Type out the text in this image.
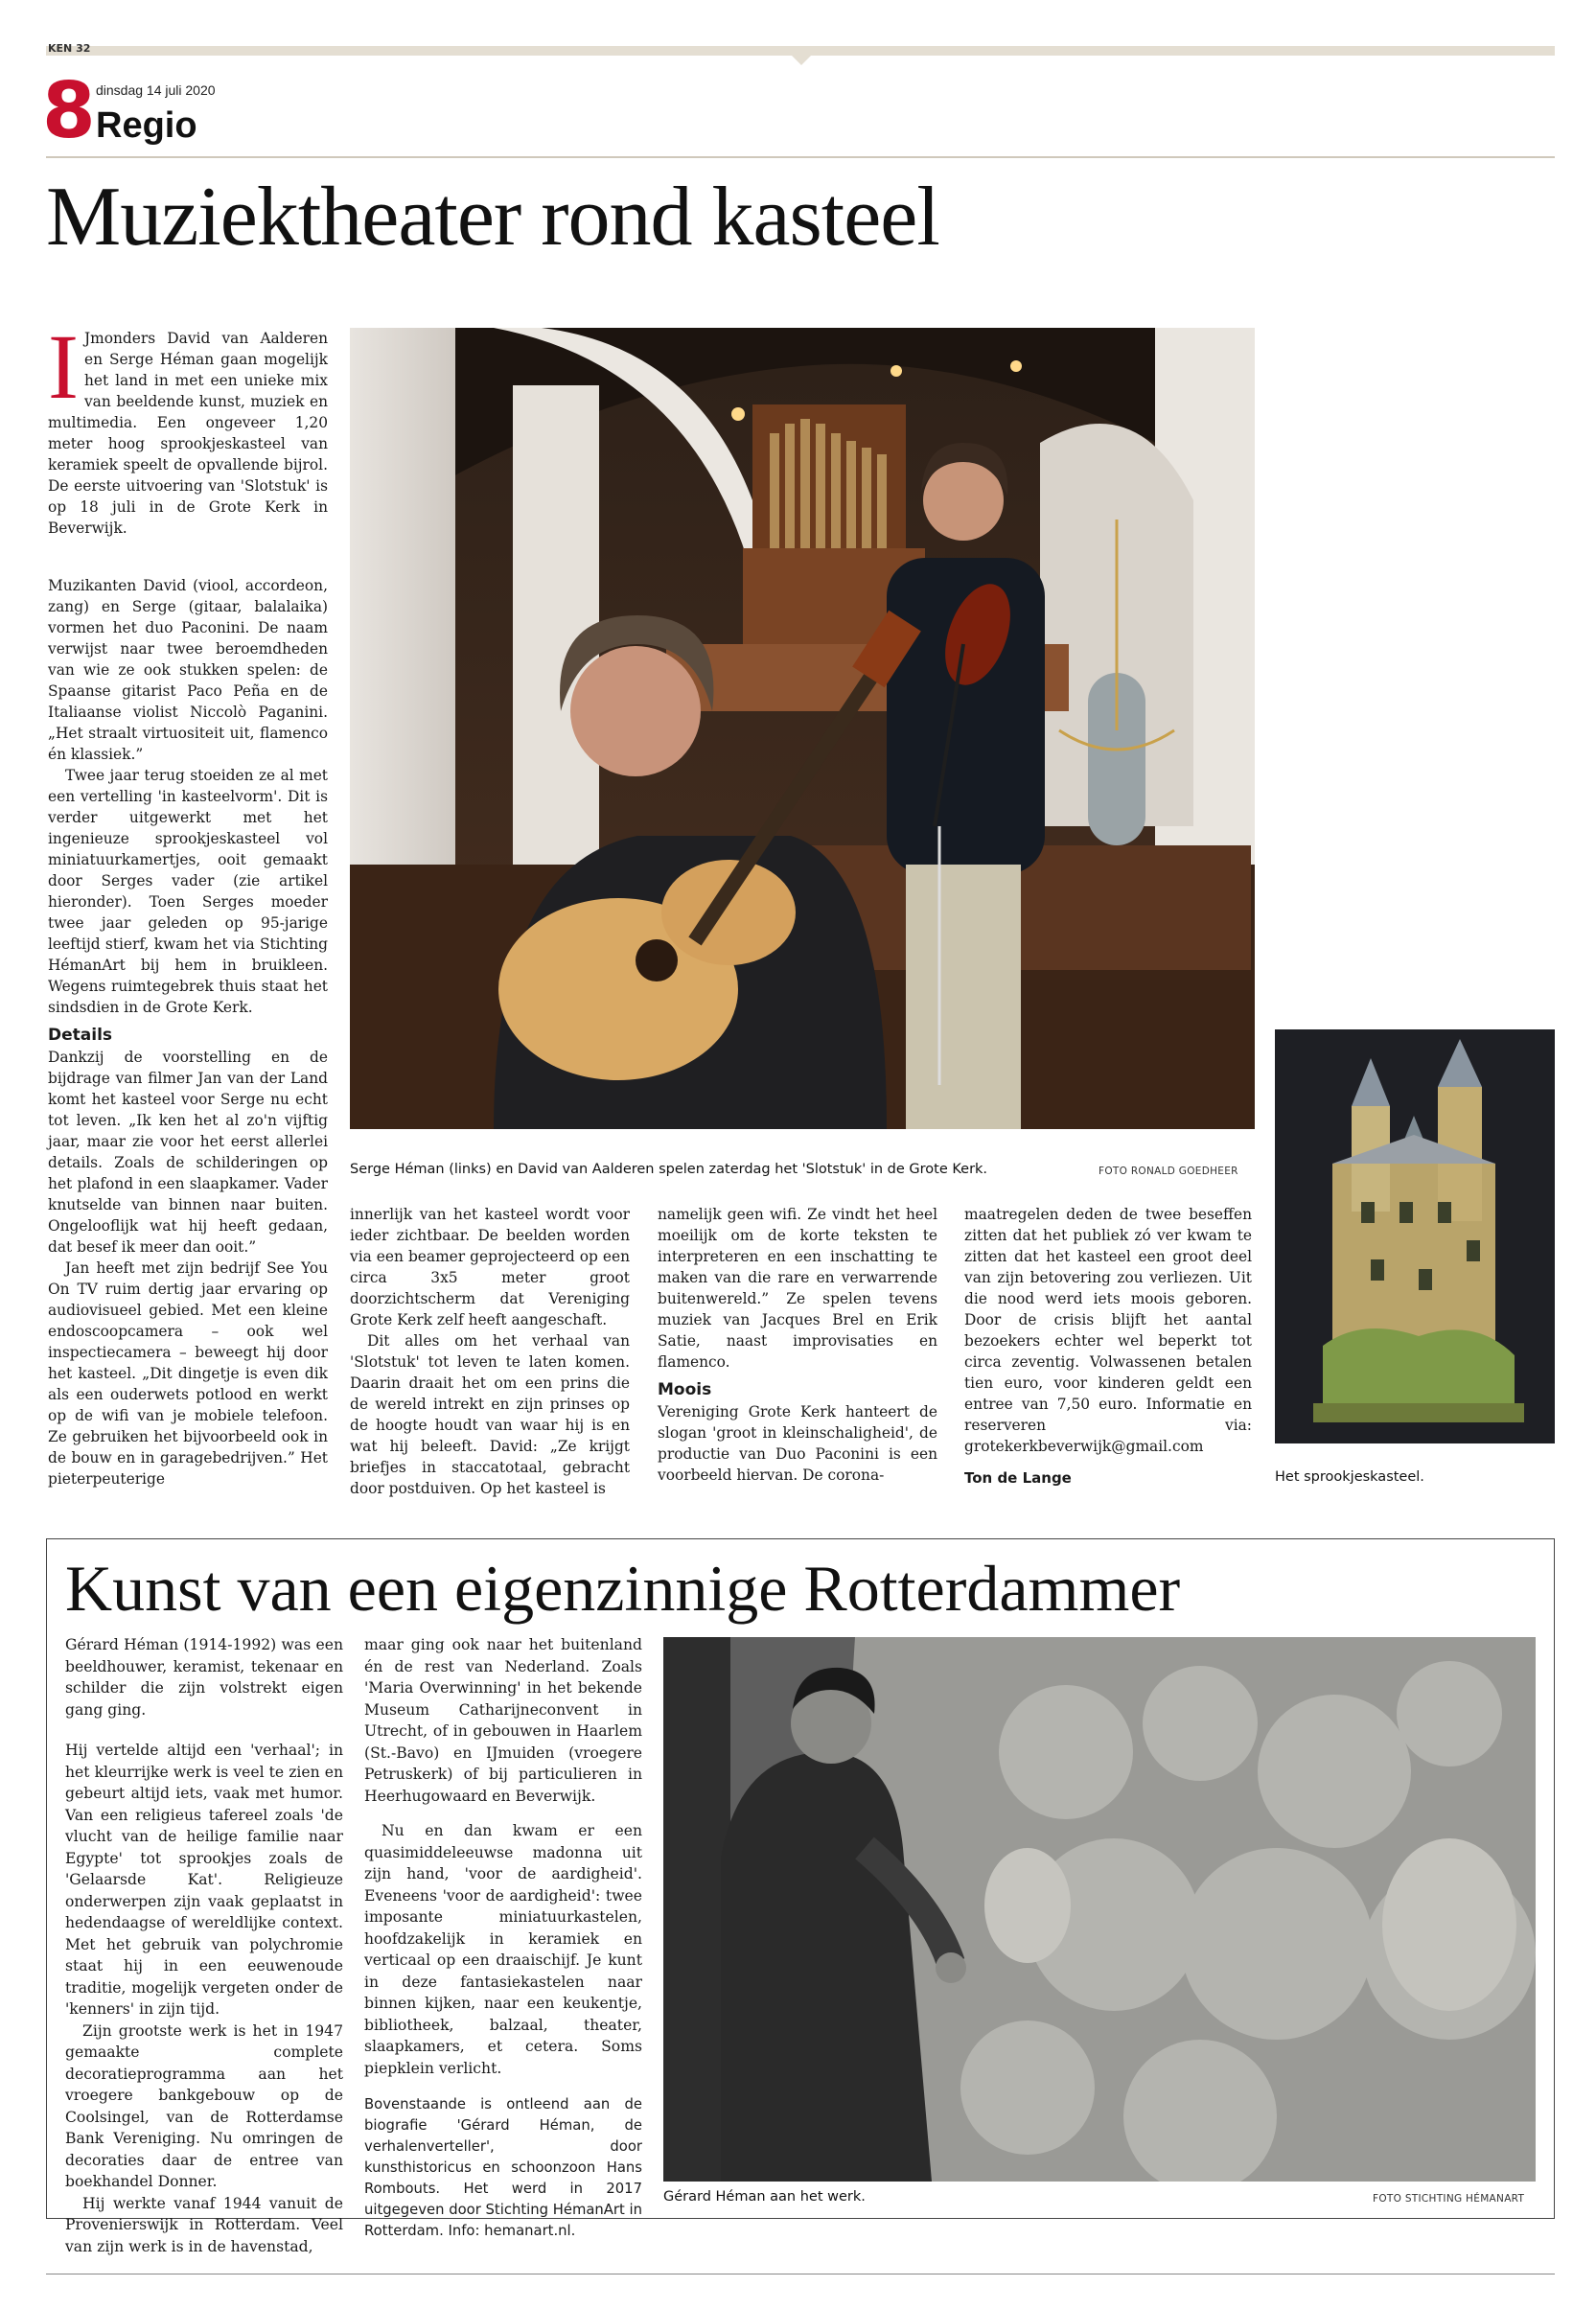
KEN 32
8 dinsdag 14 juli 2020
Regio
Muziektheater rond kasteel
I Jmonders David van Aalderen en Serge Héman gaan mogelijk het land in met een unieke mix van beeldende kunst, muziek en multimedia. Een ongeveer 1,20 meter hoog sprookjeskasteel van keramiek speelt de opvallende bijrol. De eerste uitvoering van 'Slotstuk' is op 18 juli in de Grote Kerk in Beverwijk.

Muzikanten David (viool, accordeon, zang) en Serge (gitaar, balalaika) vormen het duo Paconini. De naam verwijst naar twee beroemdheden van wie ze ook stukken spelen: de Spaanse gitarist Paco Peña en de Italiaanse violist Niccolò Paganini. „Het straalt virtuositeit uit, flamenco én klassiek.”

Twee jaar terug stoeiden ze al met een vertelling 'in kasteelvorm'. Dit is verder uitgewerkt met het ingenieuze sprookjeskasteel vol miniatuurkamertjes, ooit gemaakt door Serges vader (zie artikel hieronder). Toen Serges moeder twee jaar geleden op 95-jarige leeftijd stierf, kwam het via Stichting HémanArt bij hem in bruikleen. Wegens ruimtegebrek thuis staat het sindsdien in de Grote Kerk.

Details

Dankzij de voorstelling en de bijdrage van filmer Jan van der Land komt het kasteel voor Serge nu echt tot leven. „Ik ken het al zo'n vijftig jaar, maar zie voor het eerst allerlei details. Zoals de schilderingen op het plafond in een slaapkamer. Vader knutselde van binnen naar buiten. Ongelooflijk wat hij heeft gedaan, dat besef ik meer dan ooit.”

Jan heeft met zijn bedrijf See You On TV ruim dertig jaar ervaring op audiovisueel gebied. Met een kleine endoscoopcamera – ook wel inspectiecamera – beweegt hij door het kasteel. „Dit dingetje is even dik als een ouderwets potlood en werkt op de wifi van je mobiele telefoon. Ze gebruiken het bijvoorbeeld ook in de bouw en in garagebedrijven.” Het pieterpeuterige

Serge Héman (links) en David van Aalderen spelen zaterdag het 'Slotstuk' in de Grote Kerk.	FOTO RONALD GOEDHEER

innerlijk van het kasteel wordt voor ieder zichtbaar. De beelden worden via een beamer geprojecteerd op een circa 3x5 meter groot doorzichtscherm dat Vereniging Grote Kerk zelf heeft aangeschaft.

Dit alles om het verhaal van 'Slotstuk' tot leven te laten komen. Daarin draait het om een prins die de wereld intrekt en zijn prinses op de hoogte houdt van waar hij is en wat hij beleeft. David: „Ze krijgt briefjes in staccatotaal, gebracht door postduiven. Op het kasteel is

namelijk geen wifi. Ze vindt het heel moeilijk om de korte teksten te interpreteren en een inschatting te maken van die rare en verwarrende buitenwereld.” Ze spelen tevens muziek van Jacques Brel en Erik Satie, naast improvisaties en flamenco.

Moois

Vereniging Grote Kerk hanteert de slogan 'groot in kleinschaligheid', de productie van Duo Paconini is een voorbeeld hiervan. De corona-

maatregelen deden de twee beseffen zitten dat het publiek zó ver kwam te zitten dat het kasteel een groot deel van zijn betovering zou verliezen. Uit die nood werd iets moois geboren. Door de crisis blijft het aantal bezoekers echter wel beperkt tot circa zeventig. Volwassenen betalen tien euro, voor kinderen geldt een entree van 7,50 euro. Informatie en reserveren via: grotekerkbeverwijk@gmail.com

Ton de Lange	Het sprookjeskasteel.
Kunst van een eigenzinnige Rotterdammer

Gérard Héman (1914-1992) was een beeldhouwer, keramist, tekenaar en schilder die zijn volstrekt eigen gang ging.

Hij vertelde altijd een 'verhaal'; in het kleurrijke werk is veel te zien en gebeurt altijd iets, vaak met humor. Van een religieus tafereel zoals 'de vlucht van de heilige familie naar Egypte' tot sprookjes zoals de 'Gelaarsde Kat'. Religieuze onderwerpen zijn vaak geplaatst in hedendaagse of wereldlijke context. Met het gebruik van polychromie staat hij in een eeuwenoude traditie, mogelijk vergeten onder de 'kenners' in zijn tijd.

Zijn grootste werk is het in 1947 gemaakte complete decoratieprogramma aan het vroegere bankgebouw op de Coolsingel, van de Rotterdamse Bank Vereniging. Nu omringen de decoraties daar de entree van boekhandel Donner.

Hij werkte vanaf 1944 vanuit de Provenierswijk in Rotterdam. Veel van zijn werk is in de havenstad,

maar ging ook naar het buitenland én de rest van Nederland. Zoals 'Maria Overwinning' in het bekende Museum Catharijneconvent in Utrecht, of in gebouwen in Haarlem (St.-Bavo) en IJmuiden (vroegere Petruskerk) of bij particulieren in Heerhugowaard en Beverwijk.

Nu en dan kwam er een quasimiddeleeuwse madonna uit zijn hand, 'voor de aardigheid'. Eveneens 'voor de aardigheid': twee imposante miniatuurkastelen, hoofdzakelijk in keramiek en verticaal op een draaischijf. Je kunt in deze fantasiekastelen naar binnen kijken, naar een keukentje, bibliotheek, balzaal, theater, slaapkamers, et cetera. Soms piepklein verlicht.

Bovenstaande is ontleend aan de biografie 'Gérard Héman, de verhalenverteller', door kunsthistoricus en schoonzoon Hans Rombouts. Het werd in 2017 uitgegeven door Stichting HémanArt in Rotterdam. Info: hemanart.nl.
Gérard Héman aan het werk.	FOTO STICHTING HÉMANART
